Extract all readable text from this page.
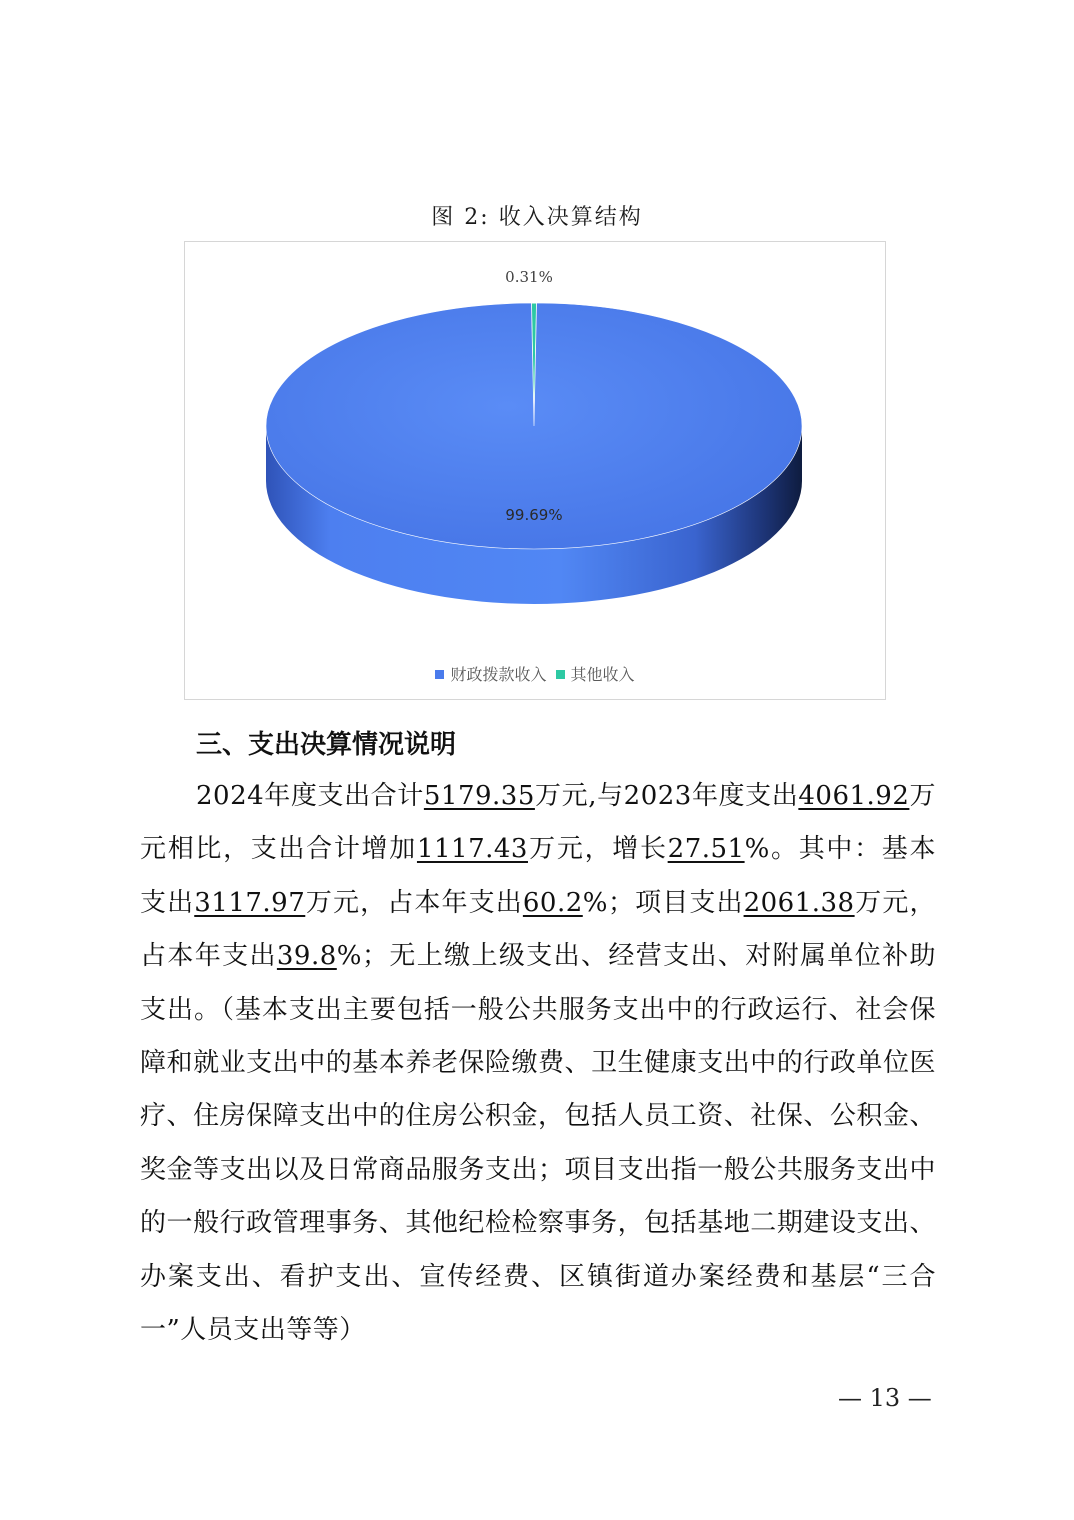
图 2: 收入决算结构
0.31%
99.69%
财政拨款收入 其他收入
三、支出决算情况说明
2024年度支出合计5179.35万元,与2023年度支出4061.92万元相比，支出合计增加1117.43万元，增长27.51%。其中：基本支出3117.97万元，占本年支出60.2%；项目支出2061.38万元，占本年支出39.8%；无上缴上级支出、经营支出、对附属单位补助支出。（基本支出主要包括一般公共服务支出中的行政运行、社会保障和就业支出中的基本养老保险缴费、卫生健康支出中的行政单位医疗、住房保障支出中的住房公积金，包括人员工资、社保、公积金、奖金等支出以及日常商品服务支出；项目支出指一般公共服务支出中的一般行政管理事务、其他纪检检察事务，包括基地二期建设支出、办案支出、看护支出、宣传经费、区镇街道办案经费和基层“三合一”人员支出等等）
— 13 —
